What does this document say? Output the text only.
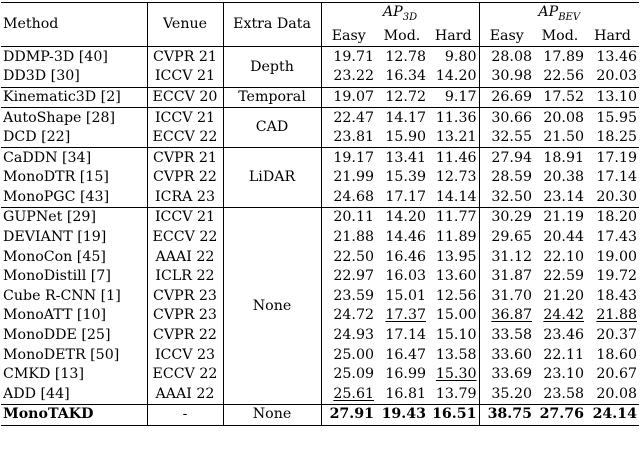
Method	Venue	Extra Data	$AP_{3D}$			$AP_{BEV}$
			Easy	Mod.	Hard	Easy	Mod.	Hard
DDMP-3D [40]	CVPR 21	Depth	19.71	12.78	9.80	28.08	17.89	13.46
DD3D [30]	ICCV 21		23.22	16.34	14.20	30.98	22.56	20.03
Kinematic3D [2]	ECCV 20	Temporal	19.07	12.72	9.17	26.69	17.52	13.10
AutoShape [28]	ICCV 21	CAD	22.47	14.17	11.36	30.66	20.08	15.95
DCD [22]	ECCV 22		23.81	15.90	13.21	32.55	21.50	18.25
CaDDN [34]	CVPR 21	LiDAR	19.17	13.41	11.46	27.94	18.91	17.19
MonoDTR [15]	CVPR 22		21.99	15.39	12.73	28.59	20.38	17.14
MonoPGC [43]	ICRA 23		24.68	17.17	14.14	32.50	23.14	20.30
GUPNet [29]	ICCV 21	None	20.11	14.20	11.77	30.29	21.19	18.20
DEVIANT [19]	ECCV 22		21.88	14.46	11.89	29.65	20.44	17.43
MonoCon [45]	AAAI 22		22.50	16.46	13.95	31.12	22.10	19.00
MonoDistill [7]	ICLR 22		22.97	16.03	13.60	31.87	22.59	19.72
Cube R-CNN [1]	CVPR 23		23.59	15.01	12.56	31.70	21.20	18.43
MonoATT [10]	CVPR 23		24.72	17.37	15.00	36.87	24.42	21.88
MonoDDE [25]	CVPR 22		24.93	17.14	15.10	33.58	23.46	20.37
MonoDETR [50]	ICCV 23		25.00	16.47	13.58	33.60	22.11	18.60
CMKD [13]	ECCV 22		25.09	16.99	15.30	33.69	23.10	20.67
ADD [44]	AAAI 22		25.61	16.81	13.79	35.20	23.58	20.08
MonoTAKD	-	None	27.91	19.43	16.51	38.75	27.76	24.14
